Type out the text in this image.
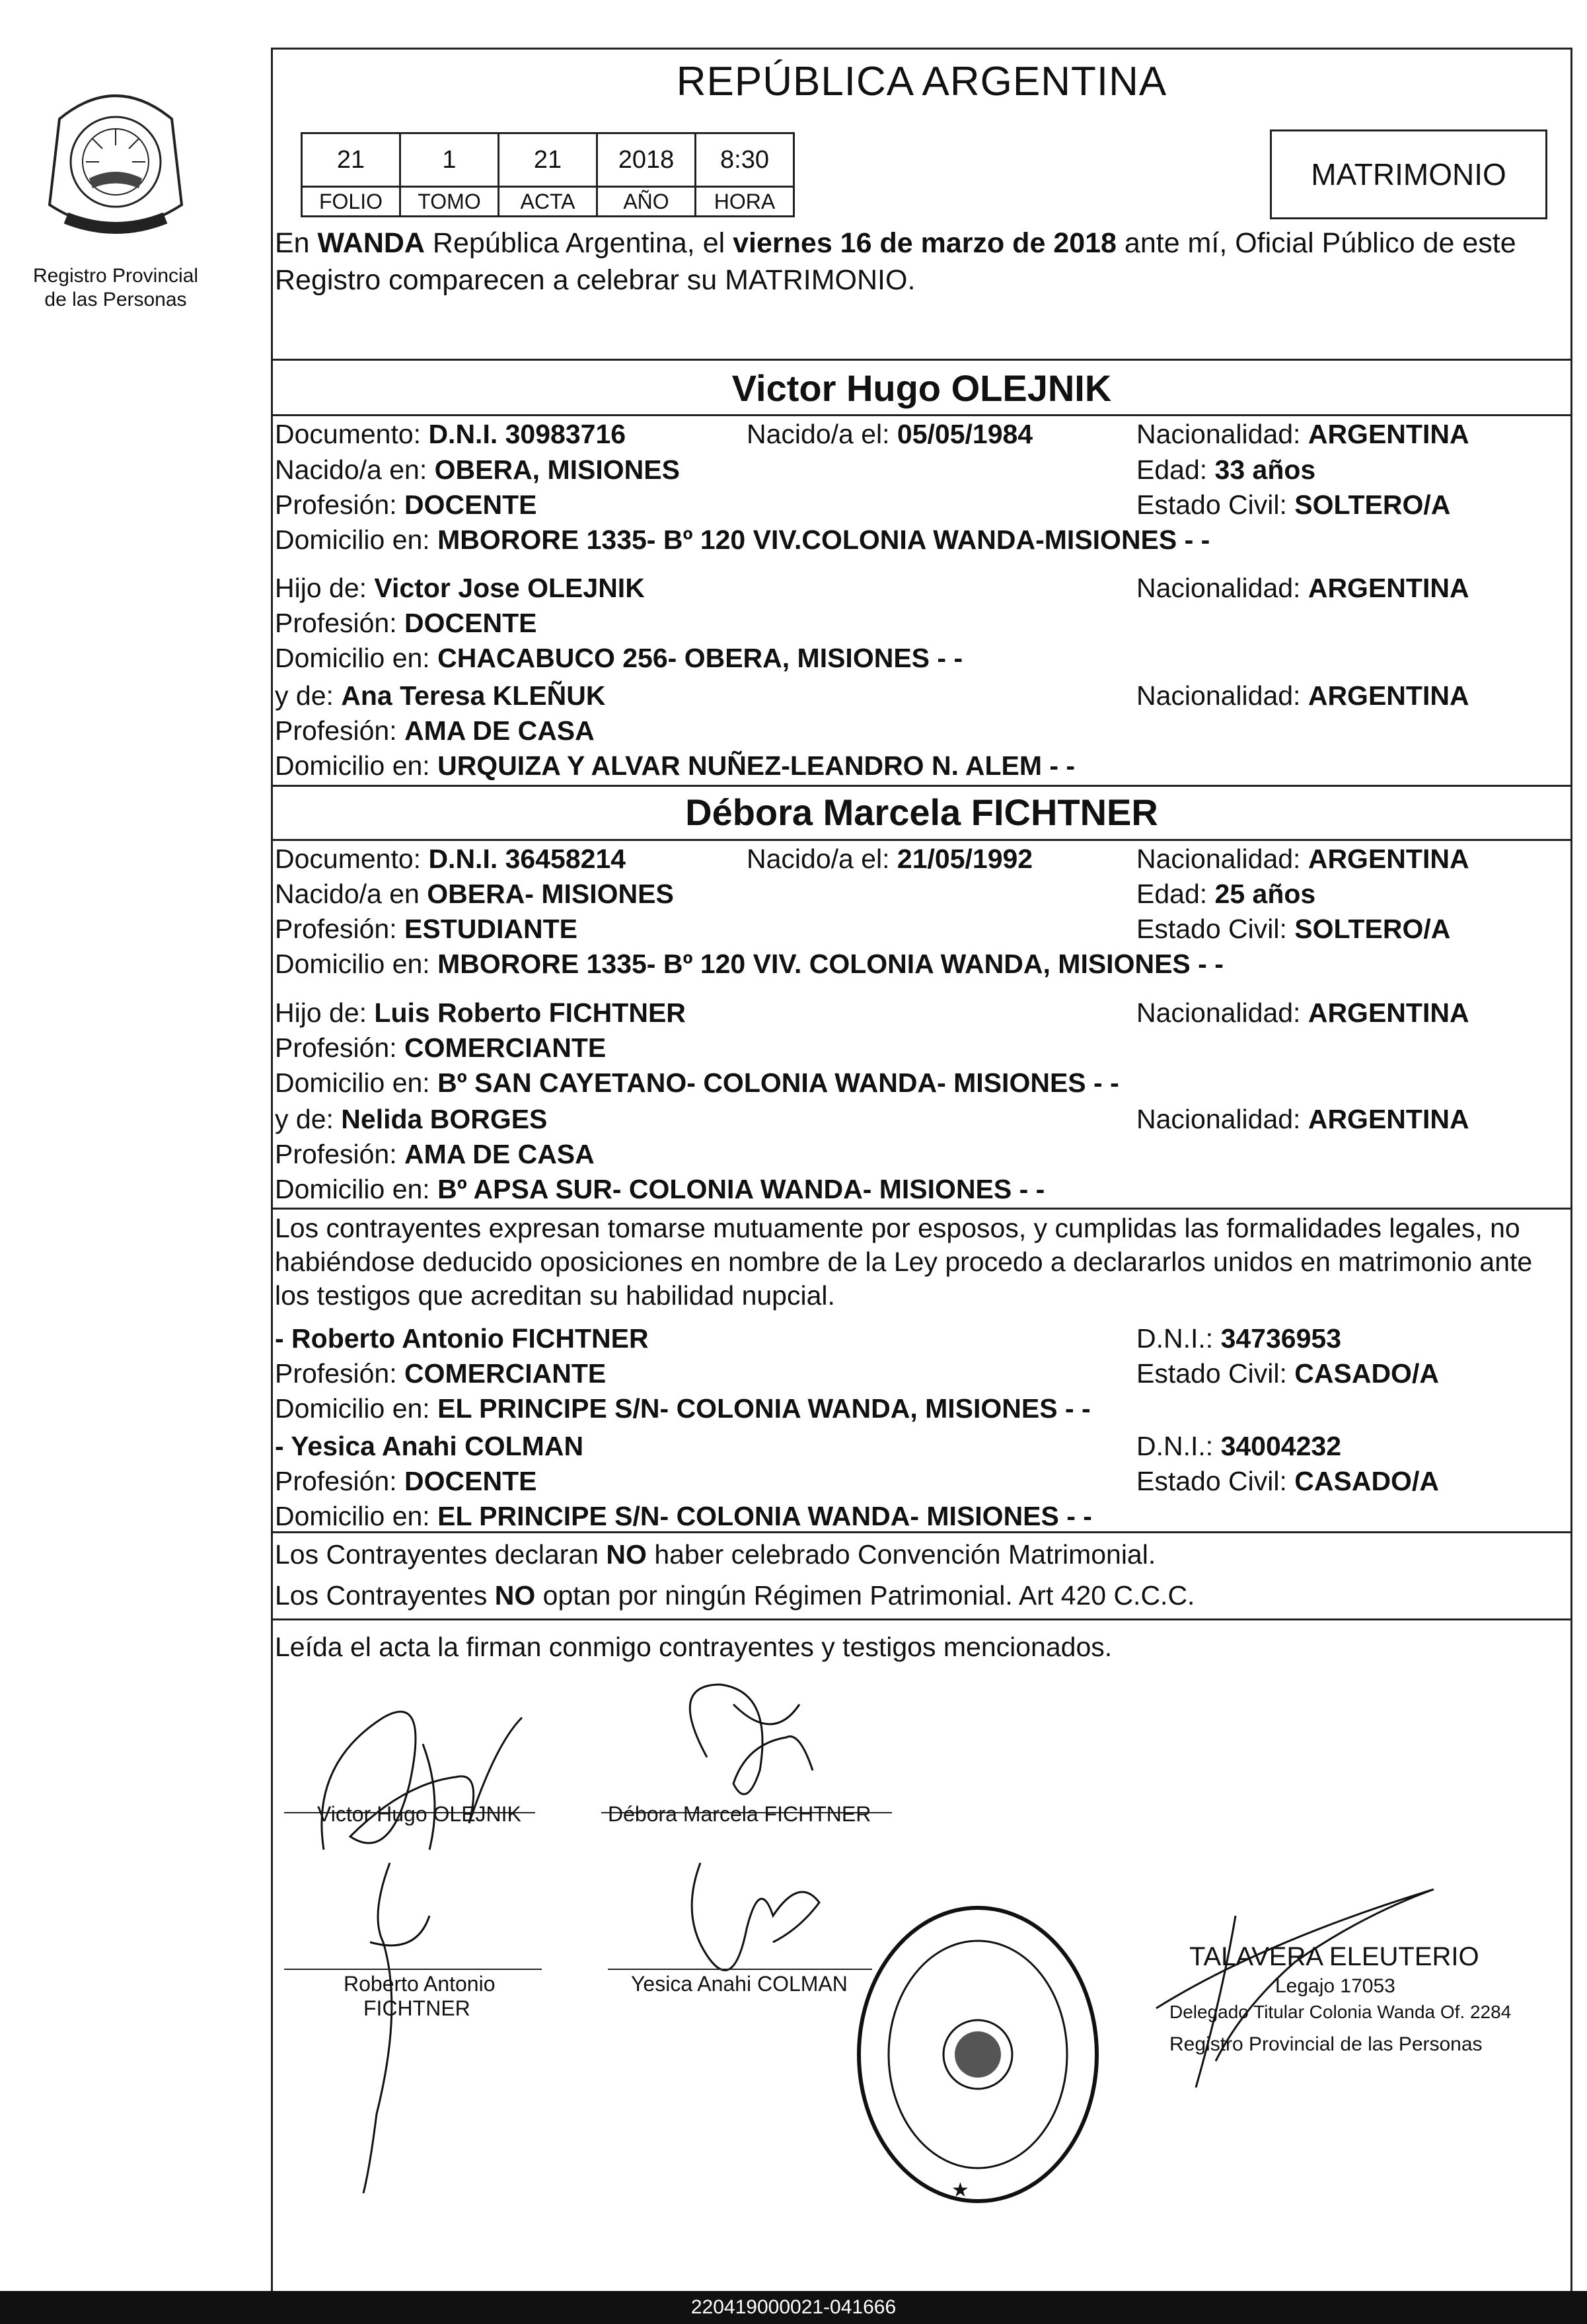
Registro Provincial
de las Personas
REPÚBLICA ARGENTINA
21	1	21	2018	8:30
FOLIO	TOMO	ACTA	AÑO	HORA
MATRIMONIO
En WANDA República Argentina, el viernes 16 de marzo de 2018 ante mí, Oficial Público de este Registro comparecen a celebrar su MATRIMONIO.
Victor Hugo OLEJNIK
Documento: D.N.I. 30983716	Nacido/a el: 05/05/1984	Nacionalidad: ARGENTINA
Nacido/a en: OBERA, MISIONES	Edad: 33 años
Profesión: DOCENTE	Estado Civil: SOLTERO/A
Domicilio en: MBORORE 1335- Bº 120 VIV.COLONIA WANDA-MISIONES - -
Hijo de: Victor Jose OLEJNIK	Nacionalidad: ARGENTINA
Profesión: DOCENTE
Domicilio en: CHACABUCO 256- OBERA, MISIONES - -
y de: Ana Teresa KLEÑUK	Nacionalidad: ARGENTINA
Profesión: AMA DE CASA
Domicilio en: URQUIZA Y ALVAR NUÑEZ-LEANDRO N. ALEM - -
Débora Marcela FICHTNER
Documento: D.N.I. 36458214	Nacido/a el: 21/05/1992	Nacionalidad: ARGENTINA
Nacido/a en OBERA- MISIONES	Edad: 25 años
Profesión: ESTUDIANTE	Estado Civil: SOLTERO/A
Domicilio en: MBORORE 1335- Bº 120 VIV. COLONIA WANDA, MISIONES - -
Hijo de: Luis Roberto FICHTNER	Nacionalidad: ARGENTINA
Profesión: COMERCIANTE
Domicilio en: Bº SAN CAYETANO- COLONIA WANDA- MISIONES - -
y de: Nelida BORGES	Nacionalidad: ARGENTINA
Profesión: AMA DE CASA
Domicilio en: Bº APSA SUR- COLONIA WANDA- MISIONES - -
Los contrayentes expresan tomarse mutuamente por esposos, y cumplidas las formalidades legales, no habiéndose deducido oposiciones en nombre de la Ley procedo a declararlos unidos en matrimonio ante los testigos que acreditan su habilidad nupcial.
- Roberto Antonio FICHTNER	D.N.I.: 34736953
Profesión: COMERCIANTE	Estado Civil: CASADO/A
Domicilio en: EL PRINCIPE S/N- COLONIA WANDA, MISIONES - -
- Yesica Anahi COLMAN	D.N.I.: 34004232
Profesión: DOCENTE	Estado Civil: CASADO/A
Domicilio en: EL PRINCIPE S/N- COLONIA WANDA- MISIONES - -
Los Contrayentes declaran NO haber celebrado Convención Matrimonial.
Los Contrayentes NO optan por ningún Régimen Patrimonial. Art 420 C.C.C.
Leída el acta la firman conmigo contrayentes y testigos mencionados.
Victor Hugo OLEJNIK	Débora Marcela FICHTNER
Roberto Antonio
FICHTNER
Yesica Anahi COLMAN
★
TALAVERA ELEUTERIO
Legajo 17053
Delegado Titular Colonia Wanda Of. 2284
Registro Provincial de las Personas
220419000021-041666
